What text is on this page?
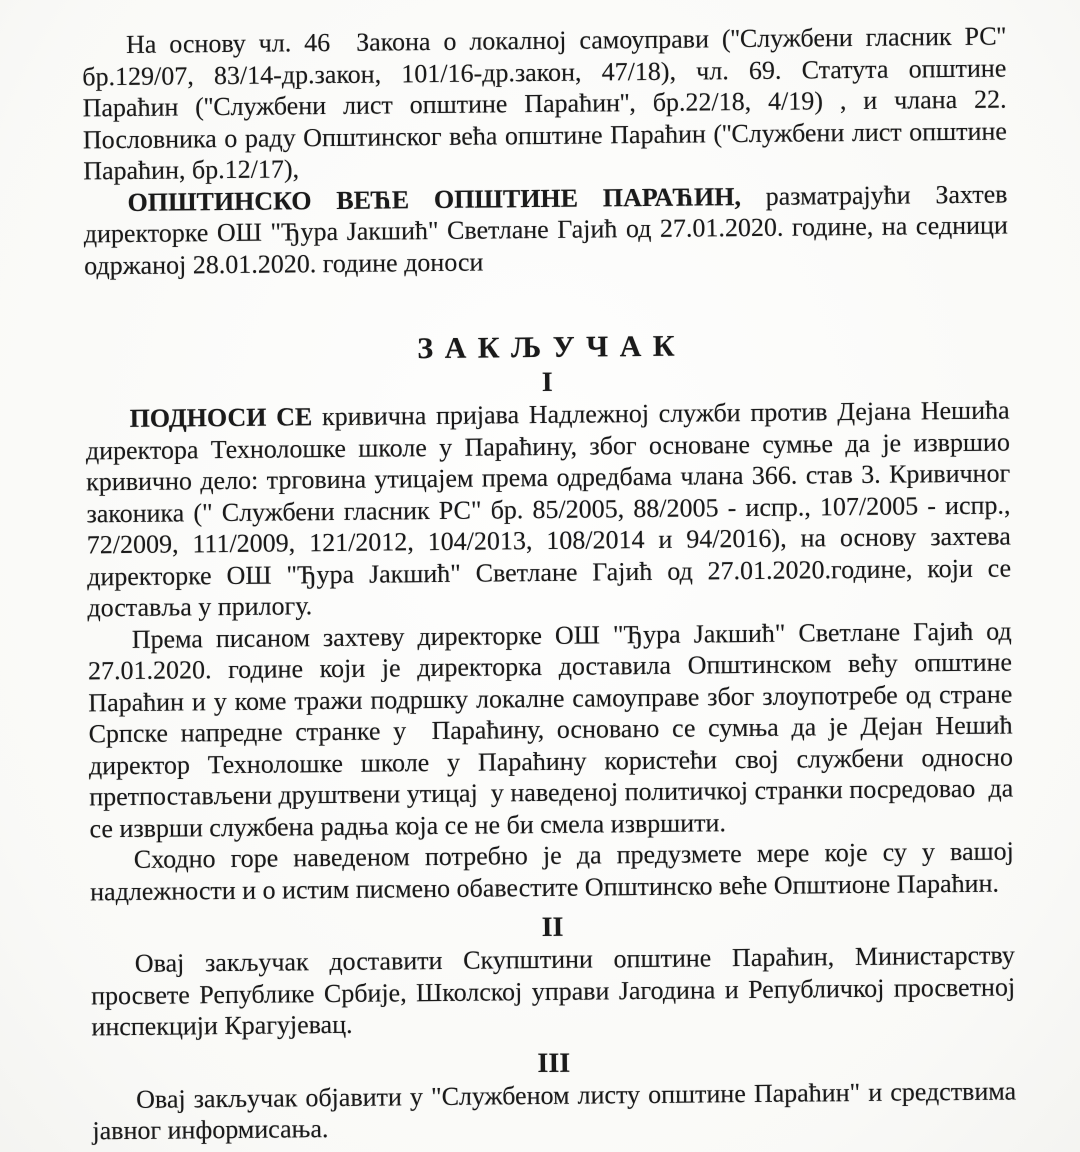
На основу чл. 46  Закона о локалној самоуправи (''Службени гласник РС'' бр.129/07, 83/14-др.закон, 101/16-др.закон, 47/18), чл. 69. Статута општине Параћин (''Службени лист општине Параћин'', бр.22/18, 4/19) , и члана 22. Пословника о раду Општинског већа општине Параћин (''Службени лист општине Параћин, бр.12/17),

ОПШТИНСКО ВЕЋЕ ОПШТИНЕ ПАРАЋИН, разматрајући Захтев директорке ОШ "Ђура Јакшић" Светлане Гајић од 27.01.2020. године, на седници одржаној 28.01.2020. године доноси

З А К Љ У Ч А К
I

ПОДНОСИ СЕ кривична пријава Надлежној служби против Дејана Нешића директора Технолошке школе у Параћину, због основане сумње да је извршио кривично дело: трговина утицајем према одредбама члана 366. став 3. Кривичног законика (" Службени гласник РС" бр. 85/2005, 88/2005 - испр., 107/2005 - испр., 72/2009, 111/2009, 121/2012, 104/2013, 108/2014 и 94/2016), на основу захтева директорке ОШ "Ђура Јакшић" Светлане Гајић од 27.01.2020.године, који се доставља у прилогу.

Према писаном захтеву директорке ОШ "Ђура Јакшић" Светлане Гајић од 27.01.2020. године који је директорка доставила Општинском већу општине Параћин и у коме тражи подршку локалне самоуправе због злоупотребе од стране Српске напредне странке у  Параћину, основано се сумња да је Дејан Нешић директор Технолошке школе у Параћину користећи свој службени односно претпостављени друштвени утицај  у наведеној политичкој странки посредовао  да се изврши службена радња која се не би смела извршити.

Сходно горе наведеном потребно је да предузмете мере које су у вашој надлежности и о истим писмено обавестите Општинско веће Општионе Параћин.

II

Овај закључак доставити Скупштини општине Параћин, Министарству просвете Републике Србије, Школској управи Јагодина и Републичкој просветној инспекцији Крагујевац.

III

Овај закључак објавити у "Службеном листу општине Параћин" и средствима јавног информисања.
